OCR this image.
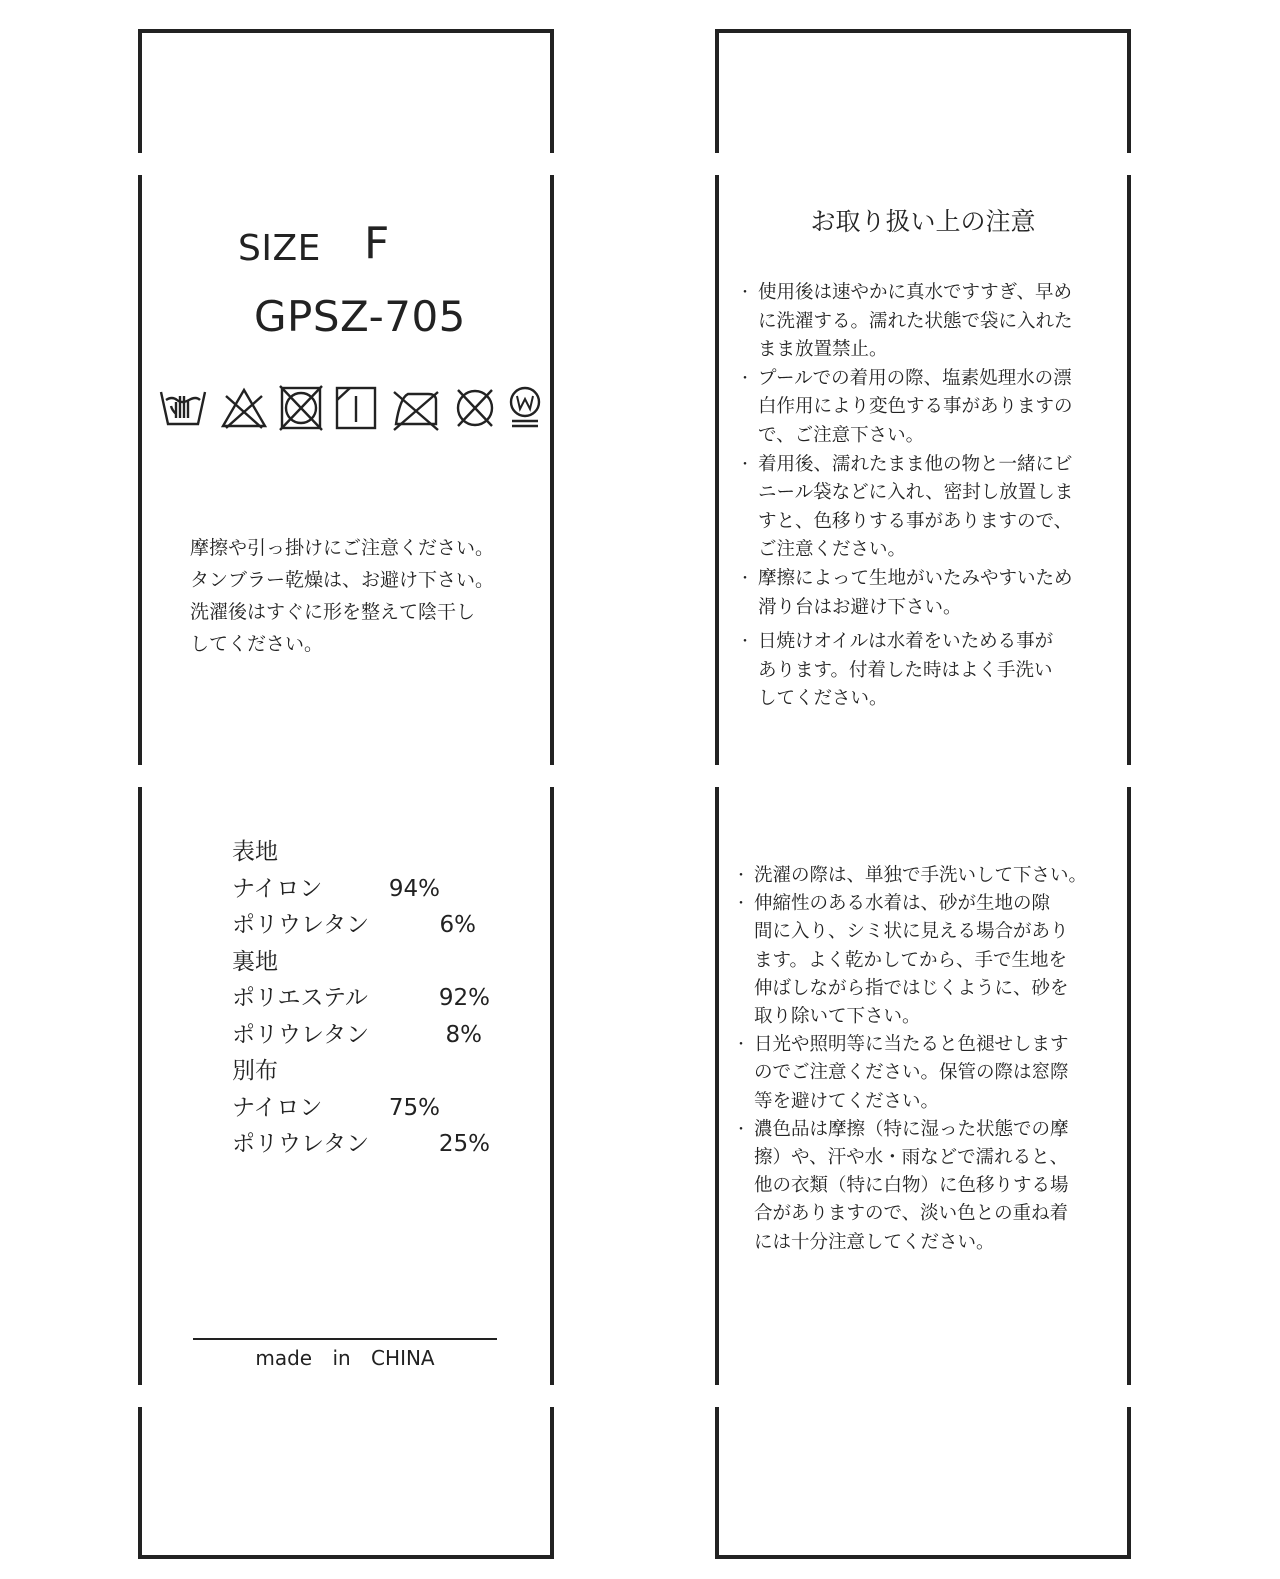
SIZE F
GPSZ-705
摩擦や引っ掛けにご注意ください。
タンブラー乾燥は、お避け下さい。
洗濯後はすぐに形を整えて陰干し
してください。
表地
ナイロン	94%
ポリウレタン	6%
裏地
ポリエステル	92%
ポリウレタン	8%
別布
ナイロン	75%
ポリウレタン	25%
made in CHINA
お取り扱い上の注意
・ 使用後は速やかに真水ですすぎ、早め
に洗濯する。濡れた状態で袋に入れた
まま放置禁止。
・ プールでの着用の際、塩素処理水の漂
白作用により変色する事がありますの
で、ご注意下さい。
・ 着用後、濡れたまま他の物と一緒にビ
ニール袋などに入れ、密封し放置しま
すと、色移りする事がありますので、
ご注意ください。
・ 摩擦によって生地がいたみやすいため
滑り台はお避け下さい。
・ 日焼けオイルは水着をいためる事が
あります。付着した時はよく手洗い
してください。
・ 洗濯の際は、単独で手洗いして下さい。
・ 伸縮性のある水着は、砂が生地の隙
間に入り、シミ状に見える場合があり
ます。よく乾かしてから、手で生地を
伸ばしながら指ではじくように、砂を
取り除いて下さい。
・ 日光や照明等に当たると色褪せします
のでご注意ください。保管の際は窓際
等を避けてください。
・ 濃色品は摩擦（特に湿った状態での摩
擦）や、汗や水・雨などで濡れると、
他の衣類（特に白物）に色移りする場
合がありますので、淡い色との重ね着
には十分注意してください。
